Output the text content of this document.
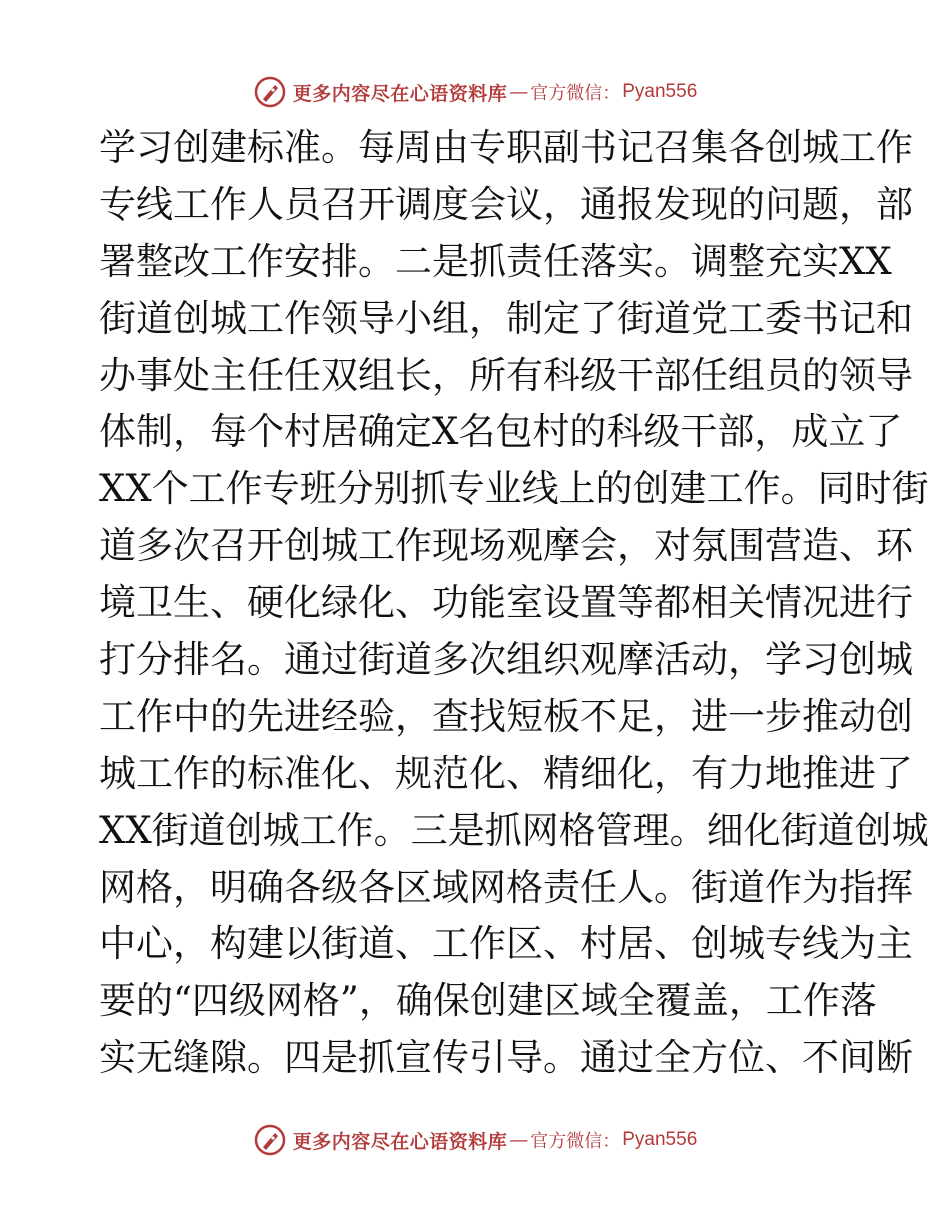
更多内容尽在心语资料库 — 官方微信： Pyan556
学习创建标准。每周由专职副书记召集各创城工作
专线工作人员召开调度会议，通报发现的问题，部
署整改工作安排。二是抓责任落实。调整充实XX
街道创城工作领导小组，制定了街道党工委书记和
办事处主任任双组长，所有科级干部任组员的领导
体制，每个村居确定X名包村的科级干部，成立了
XX个工作专班分别抓专业线上的创建工作。同时街
道多次召开创城工作现场观摩会，对氛围营造、环
境卫生、硬化绿化、功能室设置等都相关情况进行
打分排名。通过街道多次组织观摩活动，学习创城
工作中的先进经验，查找短板不足，进一步推动创
城工作的标准化、规范化、精细化，有力地推进了
XX街道创城工作。三是抓网格管理。细化街道创城
网格，明确各级各区域网格责任人。街道作为指挥
中心，构建以街道、工作区、村居、创城专线为主
要的“四级网格”，确保创建区域全覆盖，工作落
实无缝隙。四是抓宣传引导。通过全方位、不间断
更多内容尽在心语资料库 — 官方微信： Pyan556
